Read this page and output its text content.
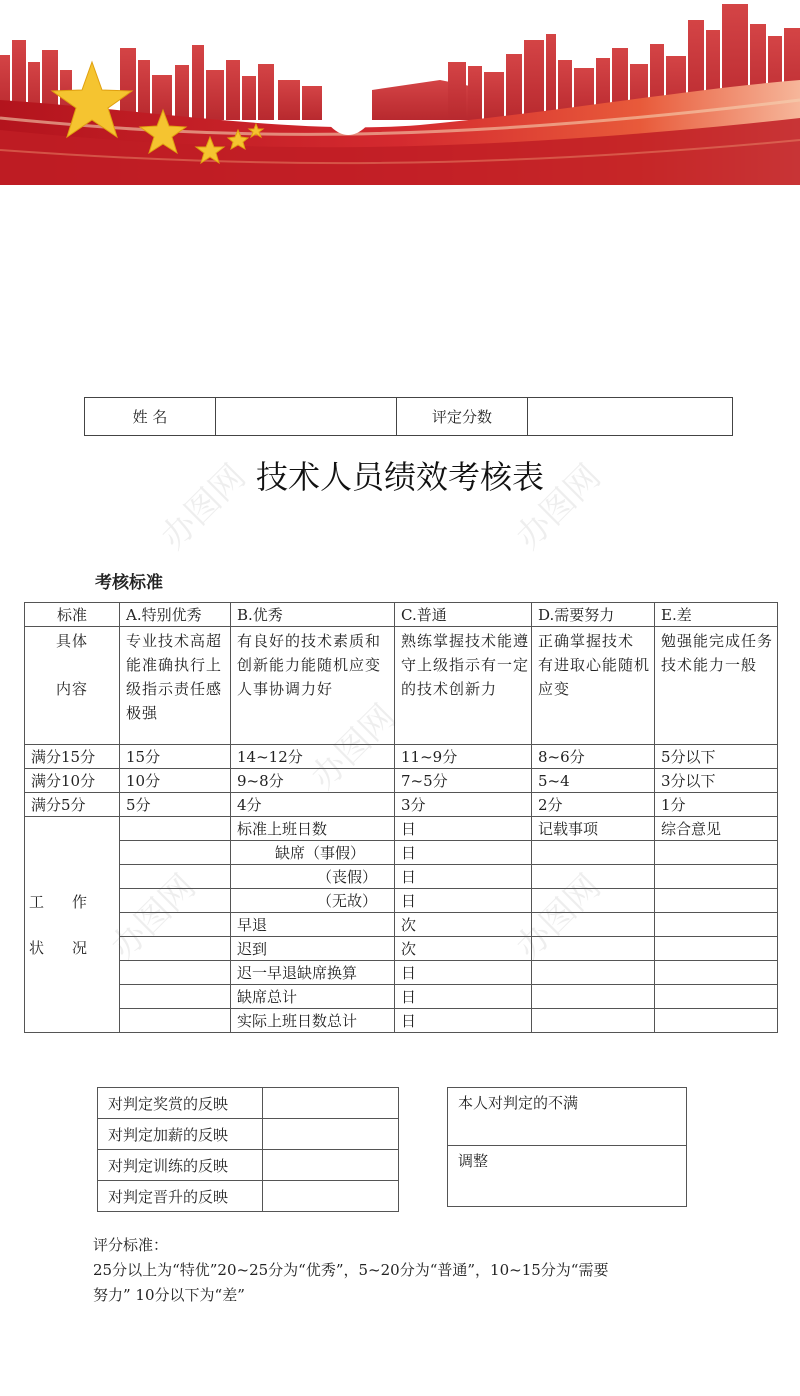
姓 名		评定分数	
技术人员绩效考核表
办图网	办图网
办图网
办图网	办图网
考核标准
标准	A.特别优秀	B.优秀	C.普通	D.需要努力	E.差
具体

内容	专业技术高超　能准确执行上级指示责任感极强	有良好的技术素质和创新能力能随机应变人事协调力好	熟练掌握技术能遵守上级指示有一定的技术创新力	正确掌握技术 有进取心能随机应变	勉强能完成任务 技术能力一般
满分15分	15分	14~12分	11~9分	8~6分	5分以下
满分10分	10分	9~8分	7~5分	5~4	3分以下
满分5分	5分	4分	3分	2分	1分

工作
状况		标准上班日数	日	记载事项	综合意见
		缺席（事假）	日		
		（丧假）	日		
		（无故）	日		
		早退	次		
		迟到	次		
		迟一早退缺席换算	日		
		缺席总计	日		
		实际上班日数总计	日		
对判定奖赏的反映	
对判定加薪的反映	
对判定训练的反映	
对判定晋升的反映	
本人对判定的不满
调整
评分标准：
25分以上为“特优”20~25分为“优秀”，5~20分为“普通”，10~15分为“需要
努力” 10分以下为“差”
